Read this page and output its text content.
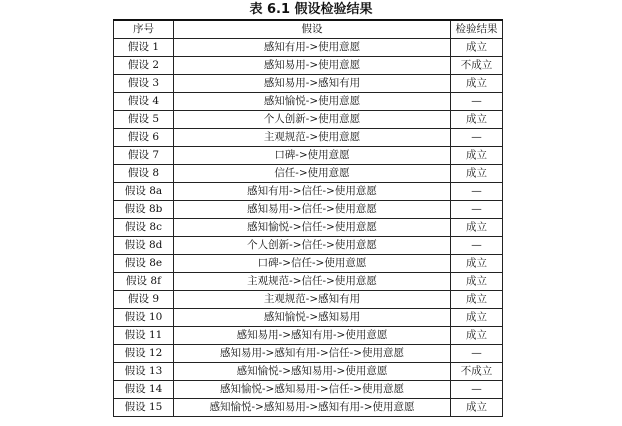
表 6.1 假设检验结果
序号	假设	检验结果
假设 1	感知有用->使用意愿	成立
假设 2	感知易用->使用意愿	不成立
假设 3	感知易用->感知有用	成立
假设 4	感知愉悦->使用意愿	—
假设 5	个人创新->使用意愿	成立
假设 6	主观规范->使用意愿	—
假设 7	口碑->使用意愿	成立
假设 8	信任->使用意愿	成立
假设 8a	感知有用->信任->使用意愿	—
假设 8b	感知易用->信任->使用意愿	—
假设 8c	感知愉悦->信任->使用意愿	成立
假设 8d	个人创新->信任->使用意愿	—
假设 8e	口碑->信任->使用意愿	成立
假设 8f	主观规范->信任->使用意愿	成立
假设 9	主观规范->感知有用	成立
假设 10	感知愉悦->感知易用	成立
假设 11	感知易用->感知有用->使用意愿	成立
假设 12	感知易用->感知有用->信任->使用意愿	—
假设 13	感知愉悦->感知易用->使用意愿	不成立
假设 14	感知愉悦->感知易用->信任->使用意愿	—
假设 15	感知愉悦->感知易用->感知有用->使用意愿	成立
